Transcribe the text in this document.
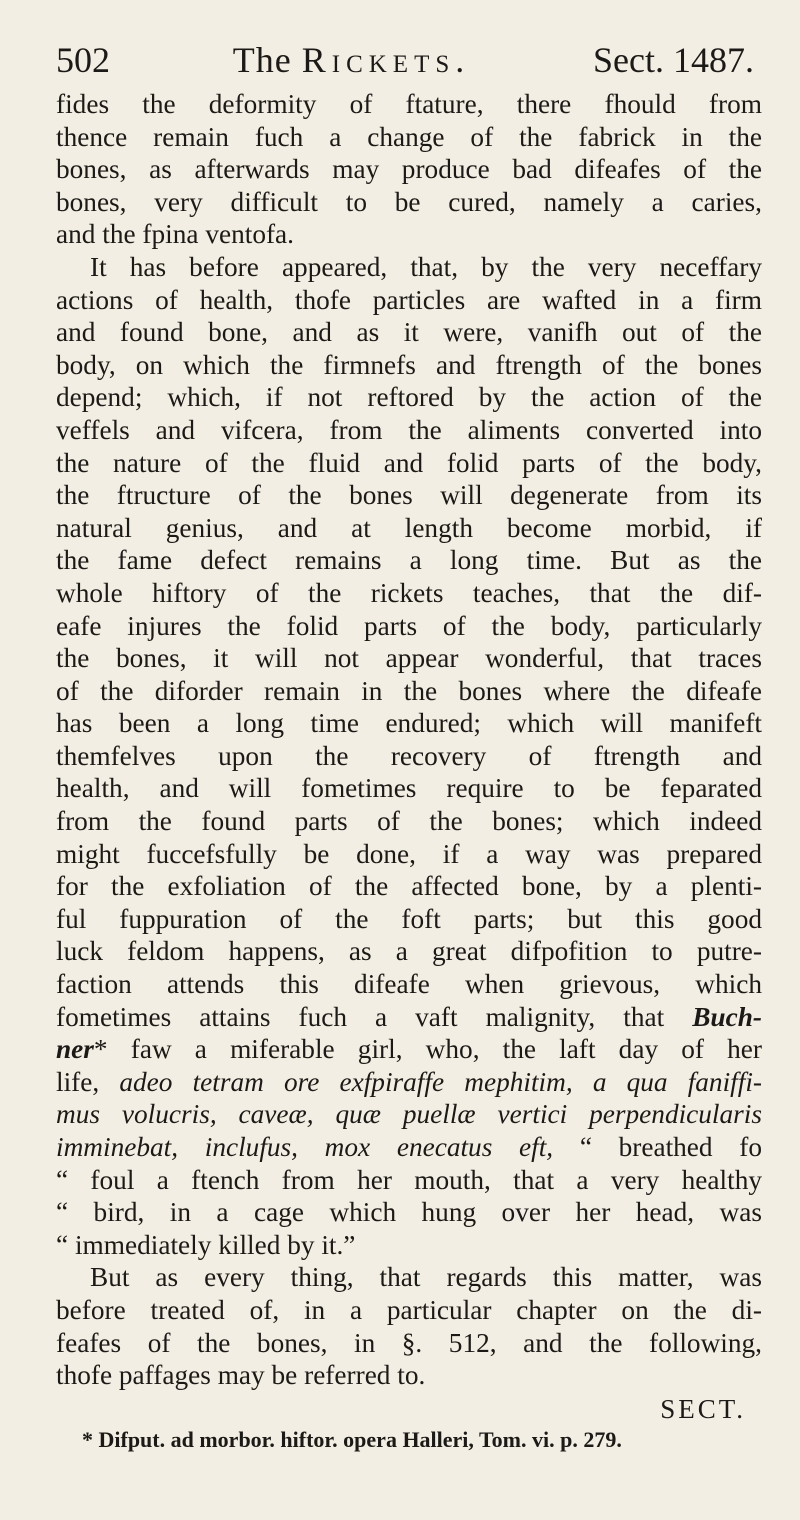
502	The Rickets.	Sect. 1487.

fides the deformity of ftature, there fhould from
thence remain fuch a change of the fabrick in the
bones, as afterwards may produce bad difeafes of the
bones, very difficult to be cured, namely a caries,
and the fpina ventofa.

It has before appeared, that, by the very neceffary
actions of health, thofe particles are wafted in a firm
and found bone, and as it were, vanifh out of the
body, on which the firmnefs and ftrength of the bones
depend; which, if not reftored by the action of the
veffels and vifcera, from the aliments converted into
the nature of the fluid and folid parts of the body,
the ftructure of the bones will degenerate from its
natural genius, and at length become morbid, if
the fame defect remains a long time. But as the
whole hiftory of the rickets teaches, that the dif-
eafe injures the folid parts of the body, particularly
the bones, it will not appear wonderful, that traces
of the diforder remain in the bones where the difeafe
has been a long time endured; which will manifeft
themfelves upon the recovery of ftrength and
health, and will fometimes require to be feparated
from the found parts of the bones; which indeed
might fuccefsfully be done, if a way was prepared
for the exfoliation of the affected bone, by a plenti-
ful fuppuration of the foft parts; but this good
luck feldom happens, as a great difpofition to putre-
faction attends this difeafe when grievous, which
fometimes attains fuch a vaft malignity, that Buch-
ner* faw a miferable girl, who, the laft day of her
life, adeo tetram ore exfpiraffe mephitim, a qua faniffi-
mus volucris, caveæ, quæ puellæ vertici perpendicularis
imminebat, inclufus, mox enecatus eft, “ breathed fo
“ foul a ftench from her mouth, that a very healthy
“ bird, in a cage which hung over her head, was
“ immediately killed by it.”

But as every thing, that regards this matter, was
before treated of, in a particular chapter on the di-
feafes of the bones, in §. 512, and the following,
thofe paffages may be referred to.

SECT.
* Difput. ad morbor. hiftor. opera Halleri, Tom. vi. p. 279.
